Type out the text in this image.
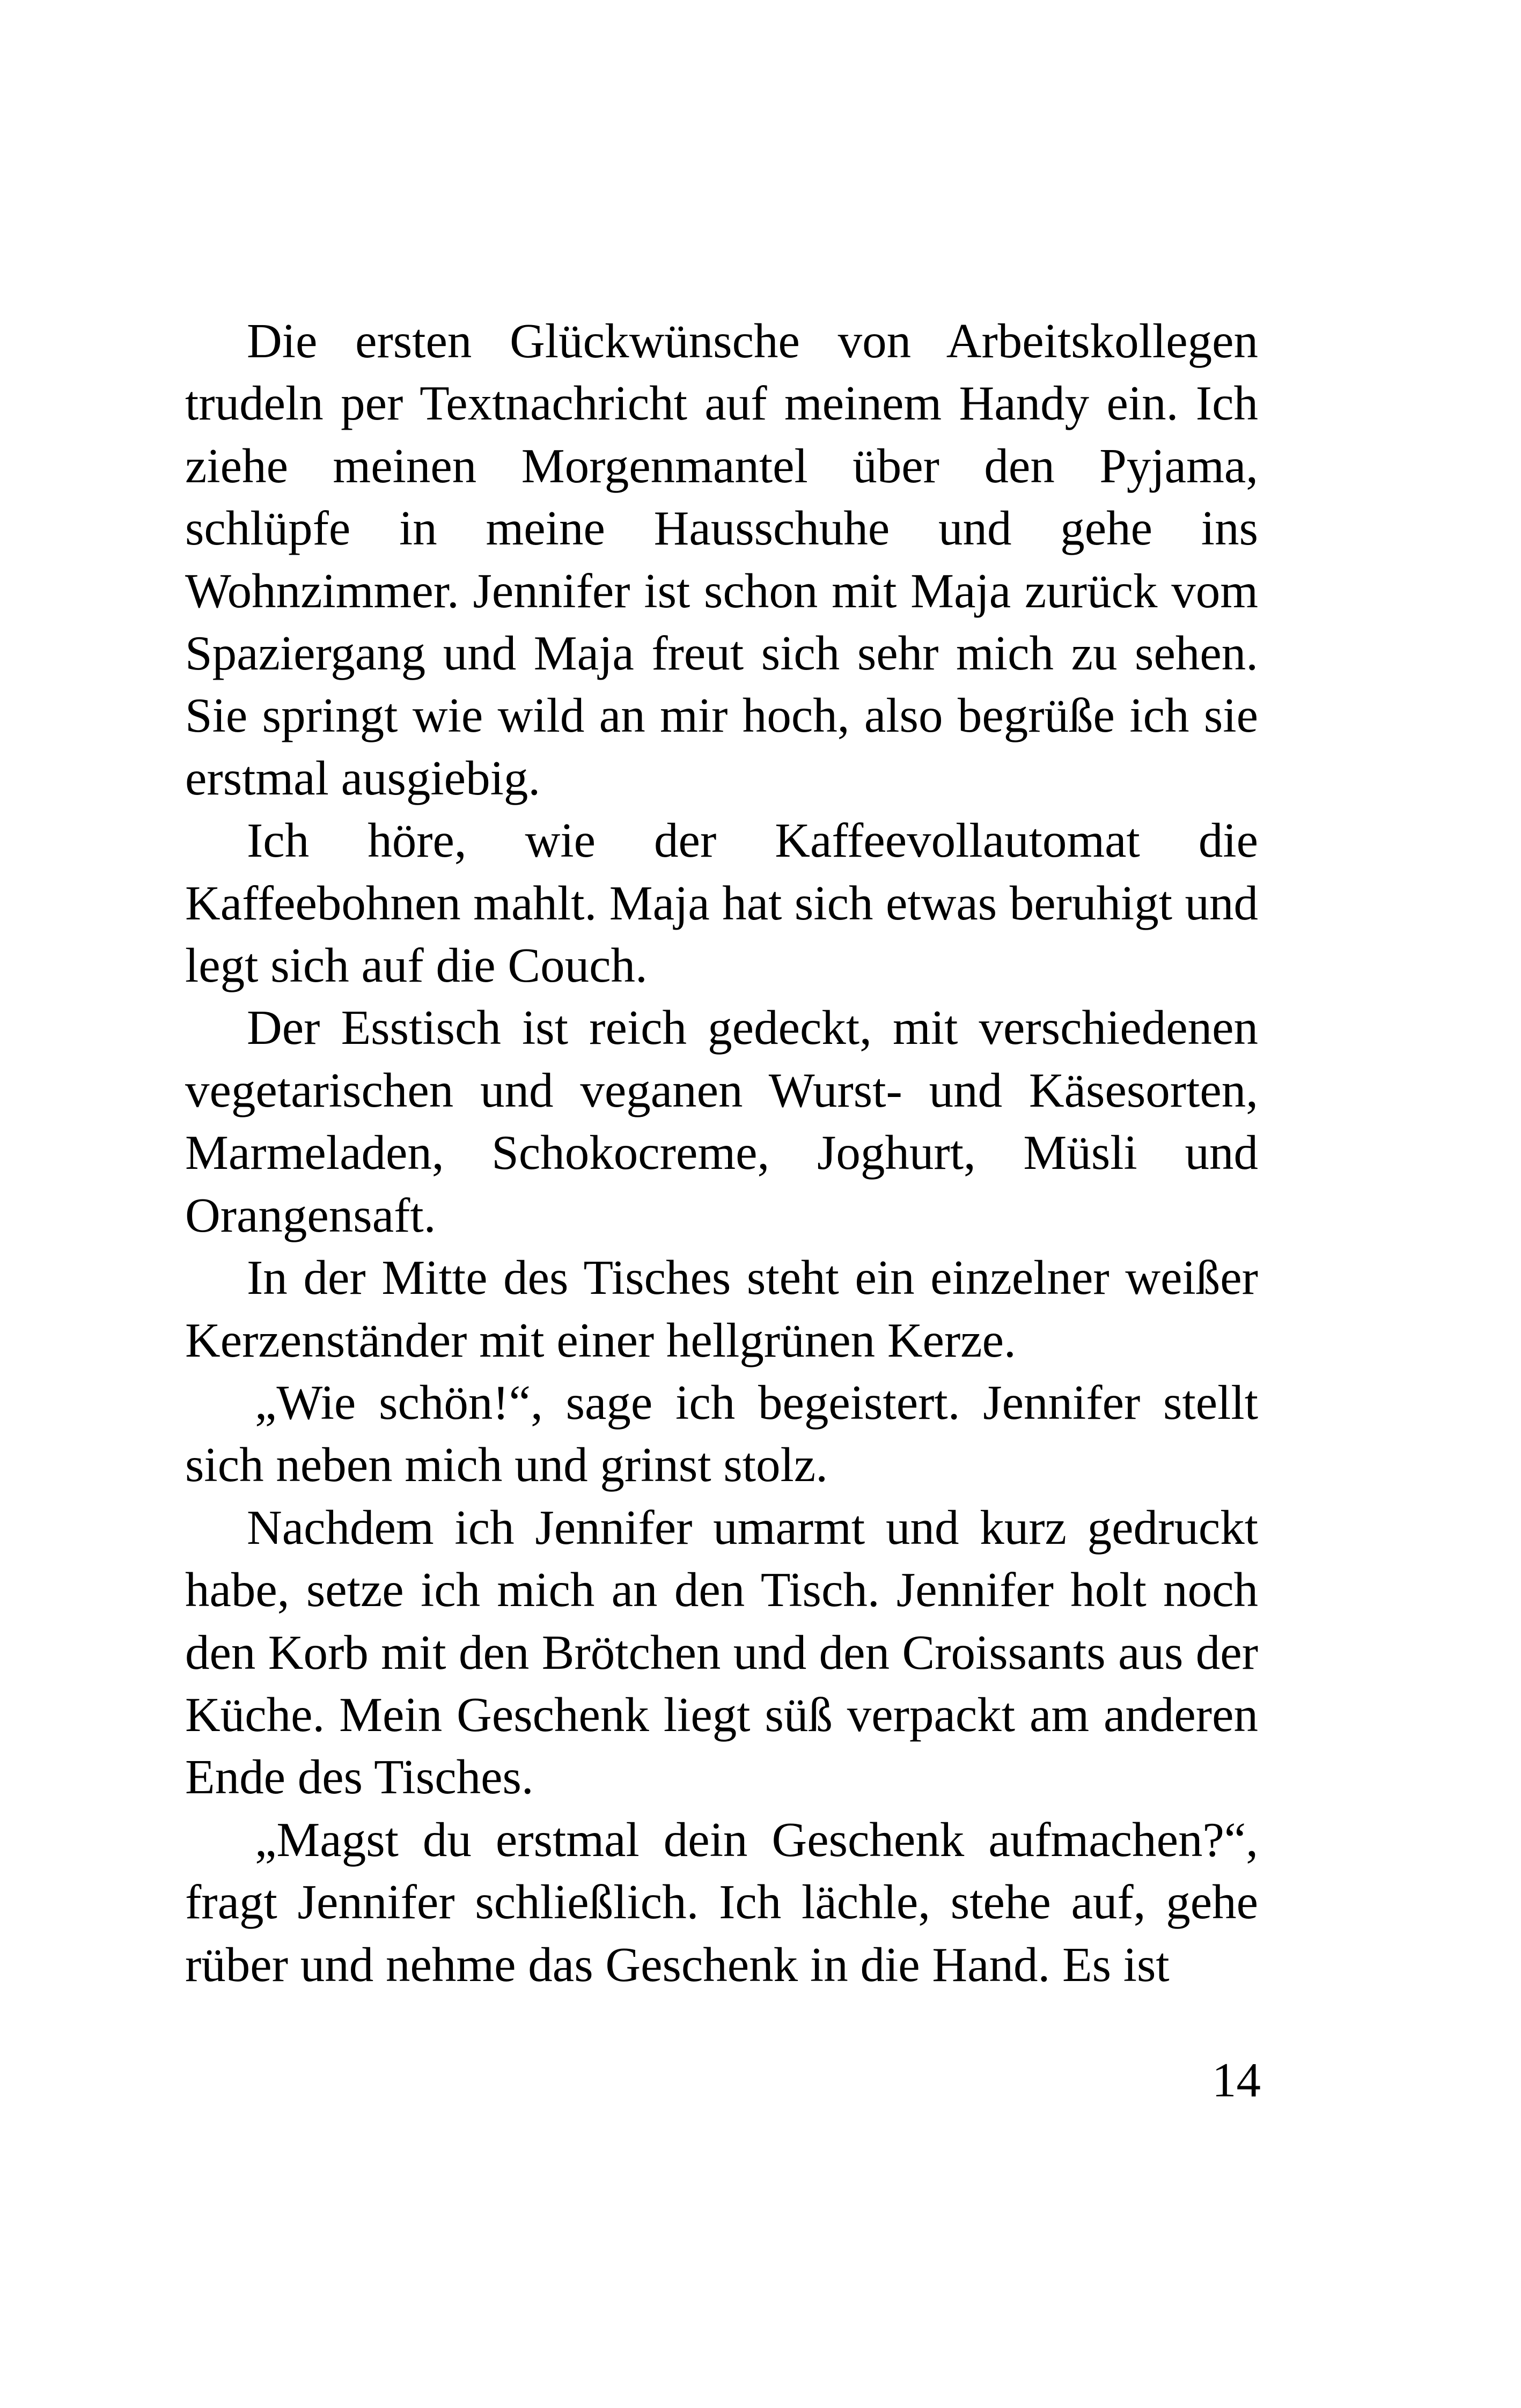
Die ersten Glückwünsche von Arbeitskollegen trudeln per Textnachricht auf meinem Handy ein. Ich ziehe meinen Morgenmantel über den Pyjama, schlüpfe in meine Hausschuhe und gehe ins Wohnzimmer. Jennifer ist schon mit Maja zurück vom Spaziergang und Maja freut sich sehr mich zu sehen. Sie springt wie wild an mir hoch, also begrüße ich sie erstmal ausgiebig.

Ich höre, wie der Kaffeevollautomat die Kaffeebohnen mahlt. Maja hat sich etwas beruhigt und legt sich auf die Couch.

Der Esstisch ist reich gedeckt, mit verschiedenen vegetarischen und veganen Wurst- und Käsesorten, Marmeladen, Schokocreme, Joghurt, Müsli und Orangensaft.

In der Mitte des Tisches steht ein einzelner weißer Kerzenständer mit einer hellgrünen Kerze.

„Wie schön!“, sage ich begeistert. Jennifer stellt sich neben mich und grinst stolz.

Nachdem ich Jennifer umarmt und kurz gedruckt habe, setze ich mich an den Tisch. Jennifer holt noch den Korb mit den Brötchen und den Croissants aus der Küche. Mein Geschenk liegt süß verpackt am anderen Ende des Tisches.

„Magst du erstmal dein Geschenk aufmachen?“, fragt Jennifer schließlich. Ich lächle, stehe auf, gehe rüber und nehme das Geschenk in die Hand. Es ist

14
